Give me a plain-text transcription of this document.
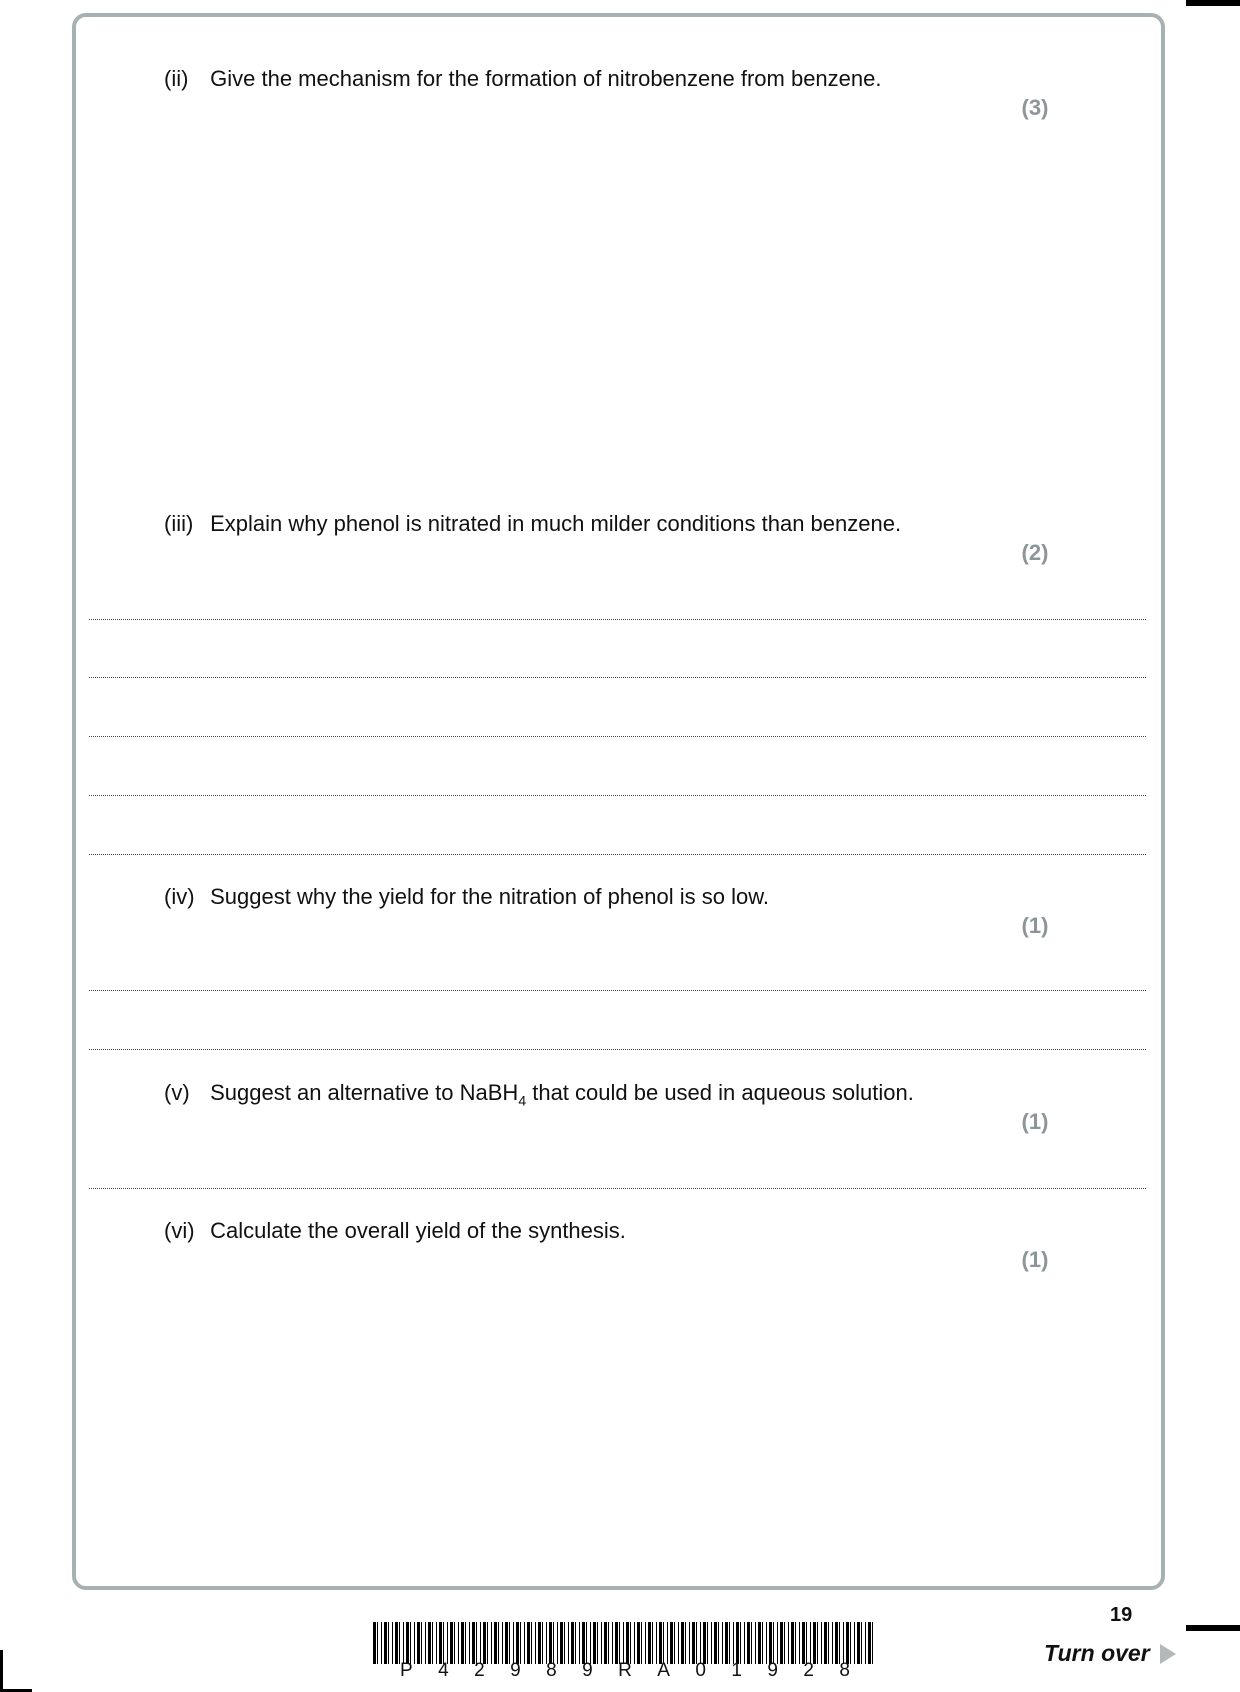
(ii) Give the mechanism for the formation of nitrobenzene from benzene.
(3)
(iii) Explain why phenol is nitrated in much milder conditions than benzene.
(2)
(iv) Suggest why the yield for the nitration of phenol is so low.
(1)
(v) Suggest an alternative to NaBH$_4$ that could be used in aqueous solution.
(1)
(vi) Calculate the overall yield of the synthesis.
(1)
P 4 2 9 8 9 R A 0 1 9 2 8
19
Turn over
